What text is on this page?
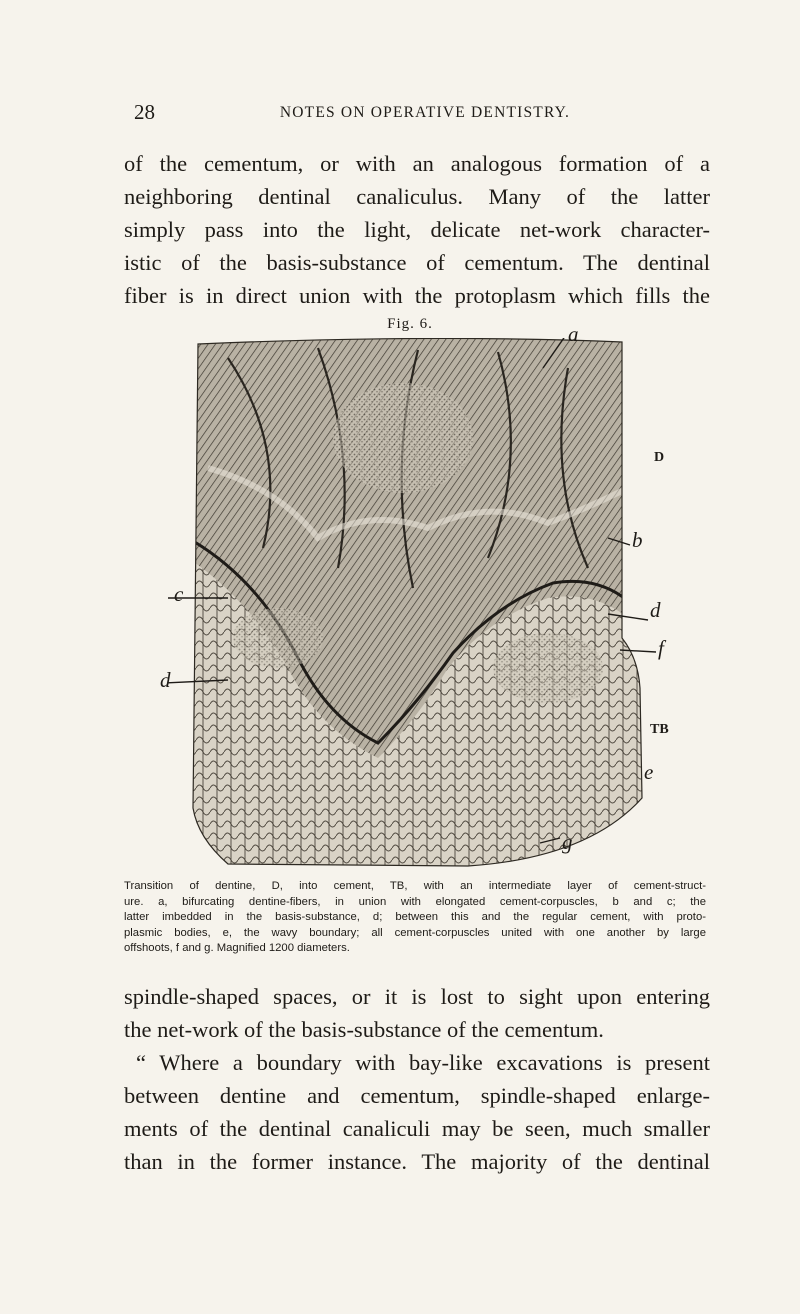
28	NOTES ON OPERATIVE DENTISTRY.
of the cementum, or with an analogous formation of a
neighboring dentinal canaliculus. Many of the latter
simply pass into the light, delicate net-work character-
istic of the basis-substance of cementum. The dentinal
fiber is in direct union with the protoplasm which fills the
Fig. 6.	a
D
b
c
d
f
d
TB
e
g
Transition of dentine, D, into cement, TB, with an intermediate layer of cement-struct-
ure. a, bifurcating dentine-fibers, in union with elongated cement-corpuscles, b and c; the
latter imbedded in the basis-substance, d; between this and the regular cement, with proto-
plasmic bodies, e, the wavy boundary; all cement-corpuscles united with one another by large
offshoots, f and g. Magnified 1200 diameters.
spindle-shaped spaces, or it is lost to sight upon entering
the net-work of the basis-substance of the cementum.
“ Where a boundary with bay-like excavations is present
between dentine and cementum, spindle-shaped enlarge-
ments of the dentinal canaliculi may be seen, much smaller
than in the former instance. The majority of the dentinal
